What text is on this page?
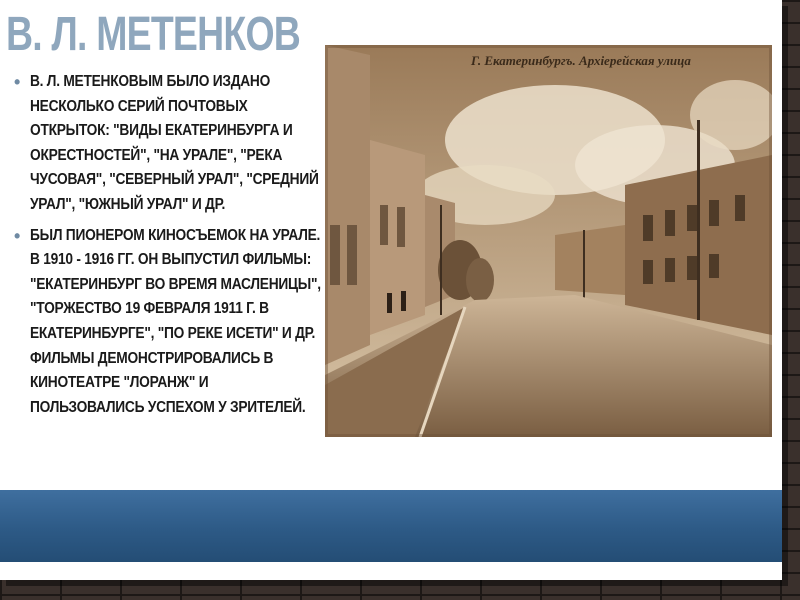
В. Л. МЕТЕНКОВ
• В. Л. МЕТЕНКОВЫМ БЫЛО ИЗДАНО НЕСКОЛЬКО СЕРИЙ ПОЧТОВЫХ ОТКРЫТОК: "ВИДЫ ЕКАТЕРИНБУРГА И ОКРЕСТНОСТЕЙ", "НА УРАЛЕ", "РЕКА ЧУСОВАЯ", "СЕВЕРНЫЙ УРАЛ", "СРЕДНИЙ УРАЛ", "ЮЖНЫЙ УРАЛ" И ДР.
• БЫЛ ПИОНЕРОМ КИНОСЪЕМОК НА УРАЛЕ. В 1910 - 1916 ГГ. ОН ВЫПУСТИЛ ФИЛЬМЫ: "ЕКАТЕРИНБУРГ ВО ВРЕМЯ МАСЛЕНИЦЫ", "ТОРЖЕСТВО 19 ФЕВРАЛЯ 1911 Г. В ЕКАТЕРИНБУРГЕ", "ПО РЕКЕ ИСЕТИ" И ДР. ФИЛЬМЫ ДЕМОНСТРИРОВАЛИСЬ В КИНОТЕАТРЕ "ЛОРАНЖ" И ПОЛЬЗОВАЛИСЬ УСПЕХОМ У ЗРИТЕЛЕЙ.
Г. Екатеринбургъ. Архіерейская улица
